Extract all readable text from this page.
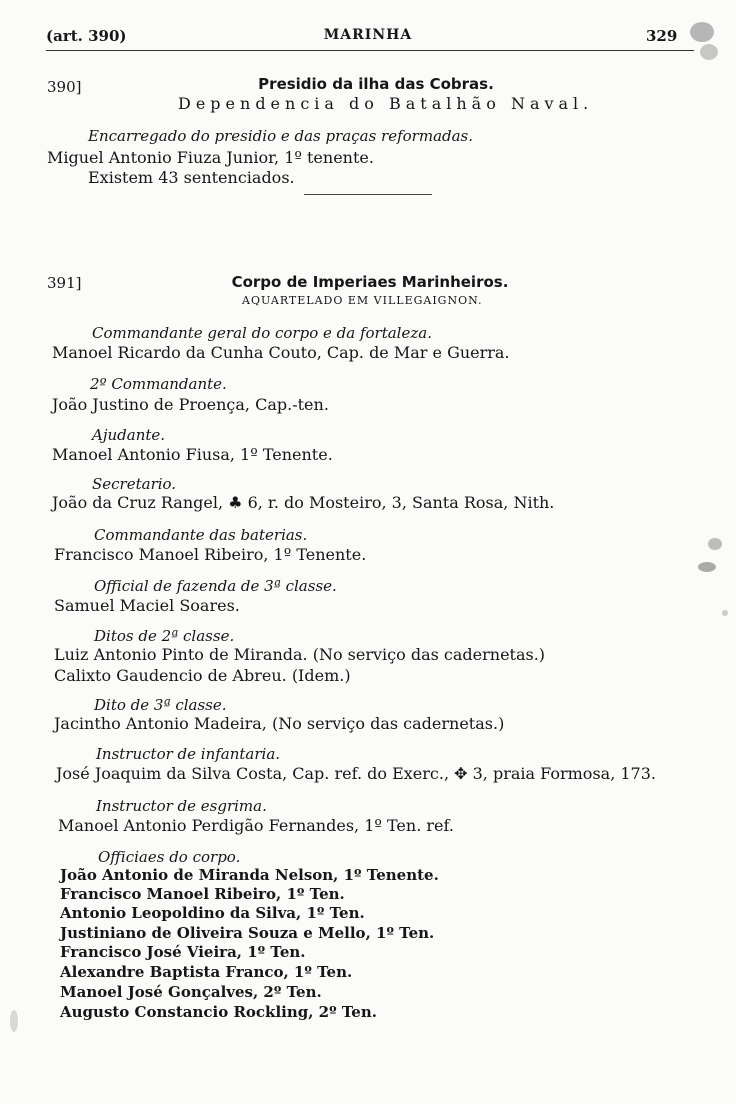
(art. 390)	MARINHA	329
390]	Presidio da ilha das Cobras.
Dependencia do Batalhão Naval.
Encarregado do presidio e das praças reformadas.
Miguel Antonio Fiuza Junior, 1º tenente.
Existem 43 sentenciados.
391]	Corpo de Imperiaes Marinheiros.
AQUARTELADO EM VILLEGAIGNON.
Commandante geral do corpo e da fortaleza.
Manoel Ricardo da Cunha Couto, Cap. de Mar e Guerra.
2º Commandante.
João Justino de Proença, Cap.-ten.
Ajudante.
Manoel Antonio Fiusa, 1º Tenente.
Secretario.
João da Cruz Rangel, ♣ 6, r. do Mosteiro, 3, Santa Rosa, Nith.
Commandante das baterias.
Francisco Manoel Ribeiro, 1º Tenente.
Official de fazenda de 3ª classe.
Samuel Maciel Soares.
Ditos de 2ª classe.
Luiz Antonio Pinto de Miranda. (No serviço das cadernetas.)
Calixto Gaudencio de Abreu. (Idem.)
Dito de 3ª classe.
Jacintho Antonio Madeira, (No serviço das cadernetas.)
Instructor de infantaria.
José Joaquim da Silva Costa, Cap. ref. do Exerc., ✥ 3, praia Formosa, 173.
Instructor de esgrima.
Manoel Antonio Perdigão Fernandes, 1º Ten. ref.
Officiaes do corpo.
João Antonio de Miranda Nelson, 1º Tenente.
Francisco Manoel Ribeiro, 1º Ten.
Antonio Leopoldino da Silva, 1º Ten.
Justiniano de Oliveira Souza e Mello, 1º Ten.
Francisco José Vieira, 1º Ten.
Alexandre Baptista Franco, 1º Ten.
Manoel José Gonçalves, 2º Ten.
Augusto Constancio Rockling, 2º Ten.
